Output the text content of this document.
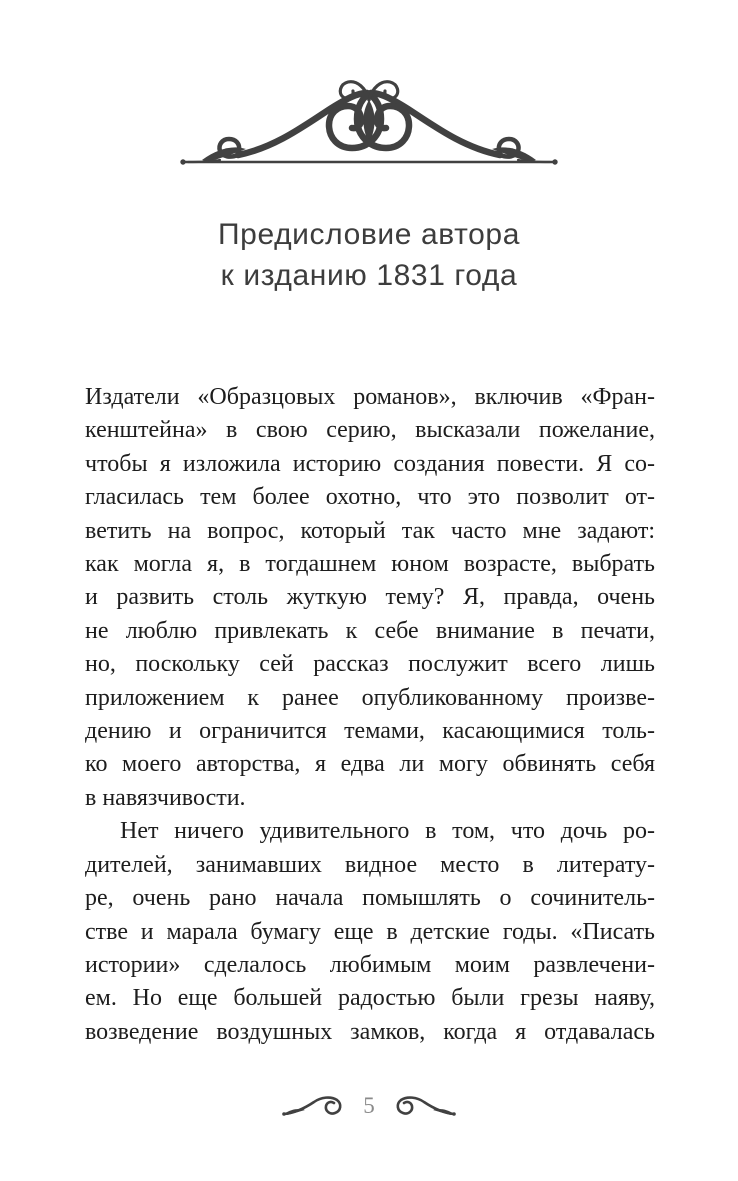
Предисловие автора
к изданию 1831 года
Издатели «Образцовых романов», включив «Фран-
кенштейна» в свою серию, высказали пожелание,
чтобы я изложила историю создания повести. Я со-
гласилась тем более охотно, что это позволит от-
ветить на вопрос, который так часто мне задают:
как могла я, в тогдашнем юном возрасте, выбрать
и развить столь жуткую тему? Я, правда, очень
не люблю привлекать к себе внимание в печати,
но, поскольку сей рассказ послужит всего лишь
приложением к ранее опубликованному произве-
дению и ограничится темами, касающимися толь-
ко моего авторства, я едва ли могу обвинять себя
в навязчивости.
Нет ничего удивительного в том, что дочь ро-
дителей, занимавших видное место в литерату-
ре, очень рано начала помышлять о сочинитель-
стве и марала бумагу еще в детские годы. «Писать
истории» сделалось любимым моим развлечени-
ем. Но еще большей радостью были грезы наяву,
возведение воздушных замков, когда я отдавалась
5
